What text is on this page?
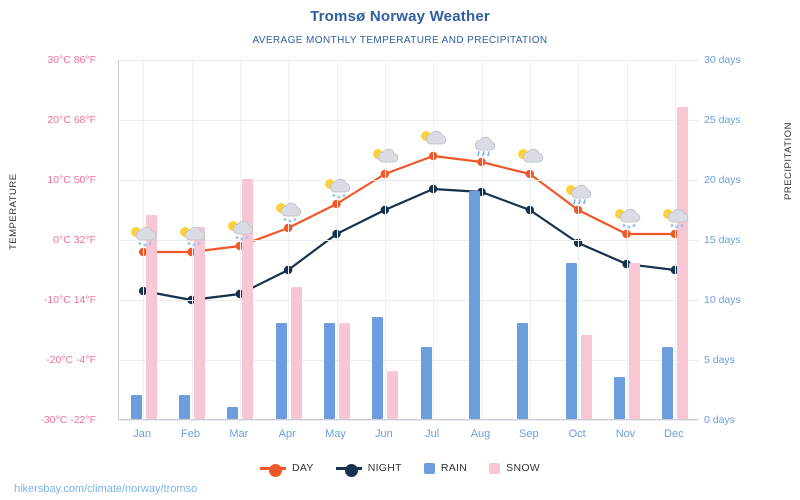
Tromsø Norway Weather
AVERAGE MONTHLY TEMPERATURE AND PRECIPITATION
TEMPERATURE
PRECIPITATION
30°C 86°F
20°C 68°F
10°C 50°F
0°C 32°F
-10°C 14°F
-20°C -4°F
-30°C -22°F
30 days
25 days
20 days
15 days
10 days
5 days
0 days
Jan	Feb	Mar	Apr	May	Jun	Jul	Aug	Sep	Oct	Nov	Dec
DAY	NIGHT	RAIN	SNOW
hikersbay.com/climate/norway/tromso
